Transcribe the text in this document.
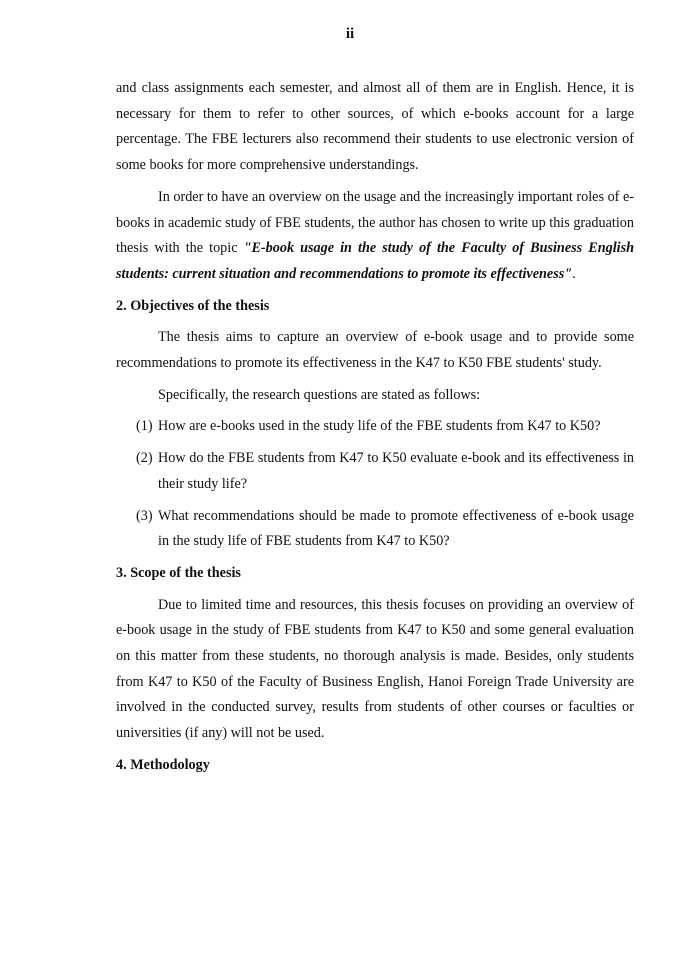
ii

and class assignments each semester, and almost all of them are in English. Hence, it is necessary for them to refer to other sources, of which e-books account for a large percentage. The FBE lecturers also recommend their students to use electronic version of some books for more comprehensive understandings.

In order to have an overview on the usage and the increasingly important roles of e-books in academic study of FBE students, the author has chosen to write up this graduation thesis with the topic "E-book usage in the study of the Faculty of Business English students: current situation and recommendations to promote its effectiveness".

2. Objectives of the thesis

The thesis aims to capture an overview of e-book usage and to provide some recommendations to promote its effectiveness in the K47 to K50 FBE students' study.

Specifically, the research questions are stated as follows:

(1) How are e-books used in the study life of the FBE students from K47 to K50?
(2) How do the FBE students from K47 to K50 evaluate e-book and its effectiveness in their study life?
(3) What recommendations should be made to promote effectiveness of e-book usage in the study life of FBE students from K47 to K50?
3. Scope of the thesis

Due to limited time and resources, this thesis focuses on providing an overview of e-book usage in the study of FBE students from K47 to K50 and some general evaluation on this matter from these students, no thorough analysis is made. Besides, only students from K47 to K50 of the Faculty of Business English, Hanoi Foreign Trade University are involved in the conducted survey, results from students of other courses or faculties or universities (if any) will not be used.

4. Methodology
